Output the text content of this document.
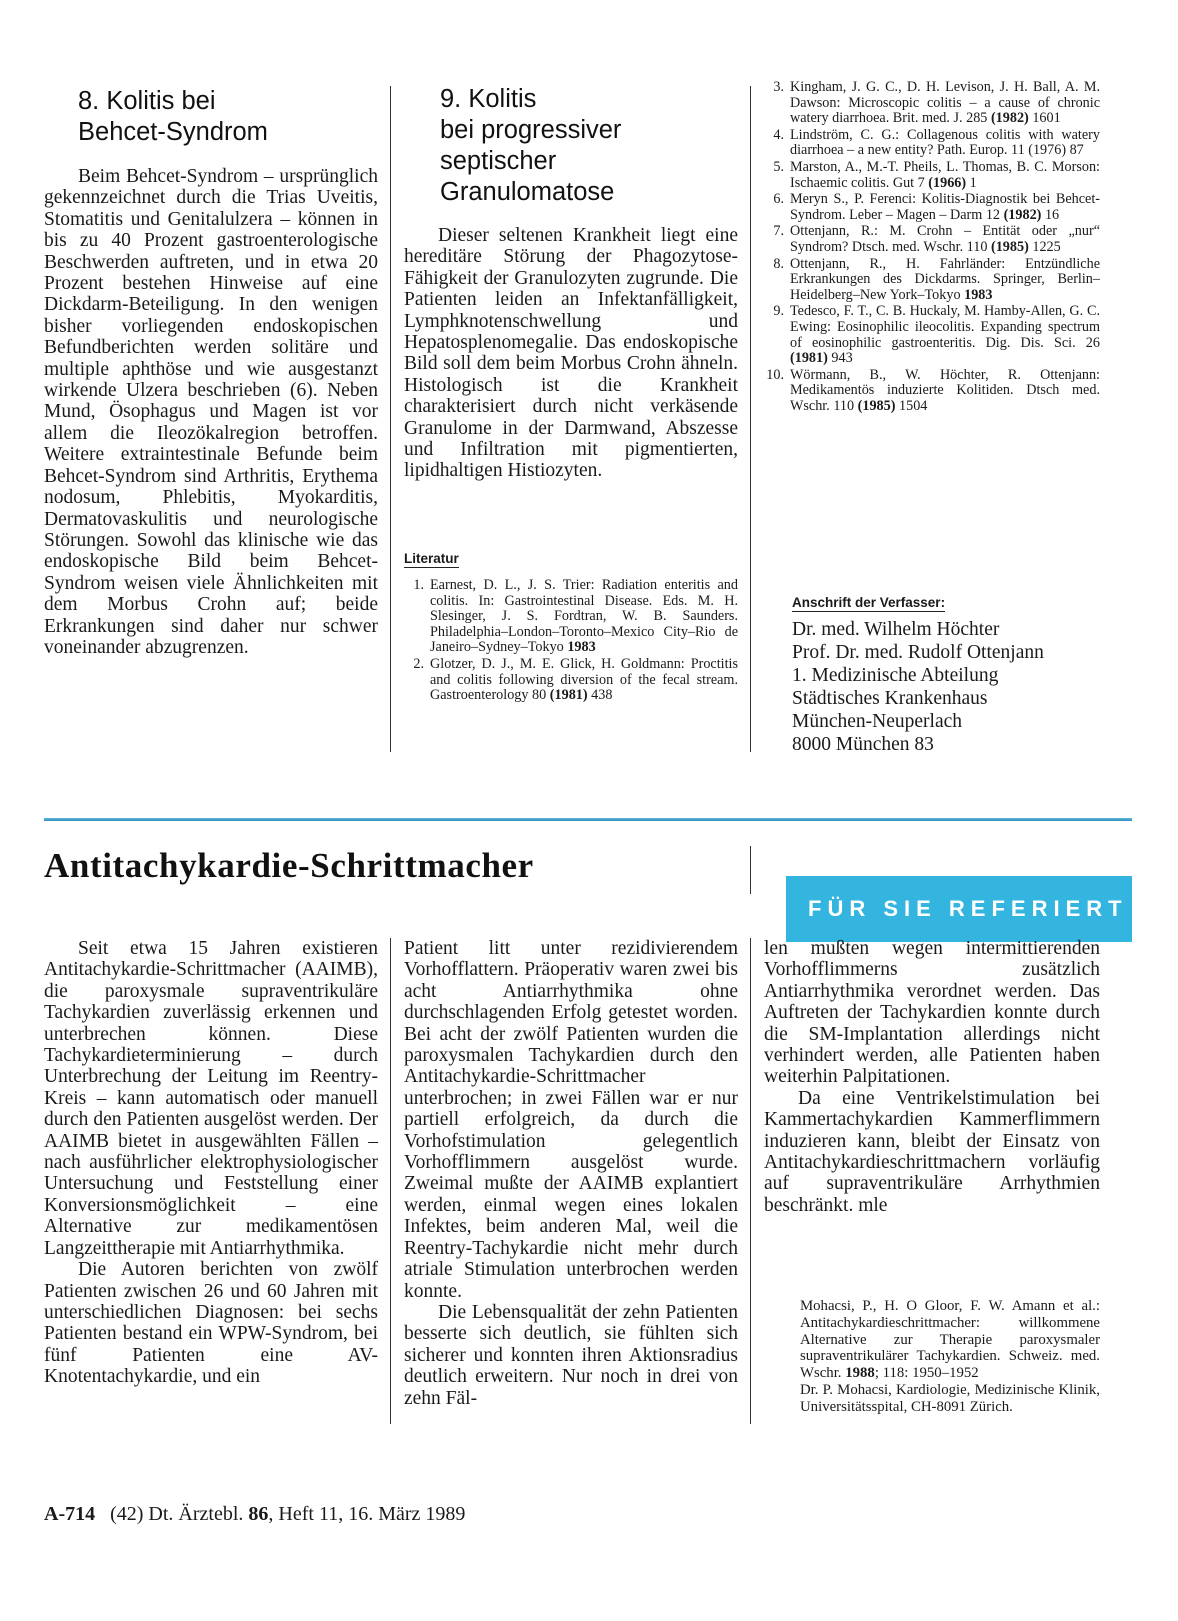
8. Kolitis bei
Behcet-Syndrom

Beim Behcet-Syndrom – ursprünglich gekennzeichnet durch die Trias Uveitis, Stomatitis und Genitalulzera – können in bis zu 40 Prozent gastroenterologische Beschwerden auftreten, und in etwa 20 Prozent bestehen Hinweise auf eine Dickdarm-Beteiligung. In den wenigen bisher vorliegenden endoskopischen Befundberichten werden solitäre und multiple aphthöse und wie ausgestanzt wirkende Ulzera beschrieben (6). Neben Mund, Ösophagus und Magen ist vor allem die Ileozökalregion betroffen. Weitere extraintestinale Befunde beim Behcet-Syndrom sind Arthritis, Erythema nodosum, Phlebitis, Myokarditis, Dermatovaskulitis und neurologische Störungen. Sowohl das klinische wie das endoskopische Bild beim Behcet-Syndrom weisen viele Ähnlichkeiten mit dem Morbus Crohn auf; beide Erkrankungen sind daher nur schwer voneinander abzugrenzen.

9. Kolitis
bei progressiver
septischer
Granulomatose

Dieser seltenen Krankheit liegt eine hereditäre Störung der Phagozytose-Fähigkeit der Granulozyten zugrunde. Die Patienten leiden an Infektanfälligkeit, Lymphknotenschwellung und Hepatosplenomegalie. Das endoskopische Bild soll dem beim Morbus Crohn ähneln. Histologisch ist die Krankheit charakterisiert durch nicht verkäsende Granulome in der Darmwand, Abszesse und Infiltration mit pigmentierten, lipidhaltigen Histiozyten.

Literatur
1. Earnest, D. L., J. S. Trier: Radiation enteritis and colitis. In: Gastrointestinal Disease. Eds. M. H. Slesinger, J. S. Fordtran, W. B. Saunders. Philadelphia–London–Toronto–Mexico City–Rio de Janeiro–Sydney–Tokyo 1983
2. Glotzer, D. J., M. E. Glick, H. Goldmann: Proctitis and colitis following diversion of the fecal stream. Gastroenterology 80 (1981) 438
3. Kingham, J. G. C., D. H. Levison, J. H. Ball, A. M. Dawson: Microscopic colitis – a cause of chronic watery diarrhoea. Brit. med. J. 285 (1982) 1601
4. Lindström, C. G.: Collagenous colitis with watery diarrhoea – a new entity? Path. Europ. 11 (1976) 87
5. Marston, A., M.-T. Pheils, L. Thomas, B. C. Morson: Ischaemic colitis. Gut 7 (1966) 1
6. Meryn S., P. Ferenci: Kolitis-Diagnostik bei Behcet-Syndrom. Leber – Magen – Darm 12 (1982) 16
7. Ottenjann, R.: M. Crohn – Entität oder „nur“ Syndrom? Dtsch. med. Wschr. 110 (1985) 1225
8. Ottenjann, R., H. Fahrländer: Entzündliche Erkrankungen des Dickdarms. Springer, Berlin–Heidelberg–New York–Tokyo 1983
9. Tedesco, F. T., C. B. Huckaly, M. Hamby-Allen, G. C. Ewing: Eosinophilic ileocolitis. Expanding spectrum of eosinophilic gastroenteritis. Dig. Dis. Sci. 26 (1981) 943
10. Wörmann, B., W. Höchter, R. Ottenjann: Medikamentös induzierte Kolitiden. Dtsch med. Wschr. 110 (1985) 1504
Anschrift der Verfasser:
Dr. med. Wilhelm Höchter
Prof. Dr. med. Rudolf Ottenjann
1. Medizinische Abteilung
Städtisches Krankenhaus
München-Neuperlach
8000 München 83
Antitachykardie-Schrittmacher
FÜR SIE REFERIERT

Seit etwa 15 Jahren existieren Antitachykardie-Schrittmacher (AAIMB), die paroxysmale supraventrikuläre Tachykardien zuverlässig erkennen und unterbrechen können. Diese Tachykardieterminierung – durch Unterbrechung der Leitung im Reentry-Kreis – kann automatisch oder manuell durch den Patienten ausgelöst werden. Der AAIMB bietet in ausgewählten Fällen – nach ausführlicher elektrophysiologischer Untersuchung und Feststellung einer Konversionsmöglichkeit – eine Alternative zur medikamentösen Langzeittherapie mit Antiarrhythmika.

Die Autoren berichten von zwölf Patienten zwischen 26 und 60 Jahren mit unterschiedlichen Diagnosen: bei sechs Patienten bestand ein WPW-Syndrom, bei fünf Patienten eine AV-Knotentachykardie, und ein

Patient litt unter rezidivierendem Vorhofflattern. Präoperativ waren zwei bis acht Antiarrhythmika ohne durchschlagenden Erfolg getestet worden. Bei acht der zwölf Patienten wurden die paroxysmalen Tachykardien durch den Antitachykardie-Schrittmacher unterbrochen; in zwei Fällen war er nur partiell erfolgreich, da durch die Vorhofstimulation gelegentlich Vorhofflimmern ausgelöst wurde. Zweimal mußte der AAIMB explantiert werden, einmal wegen eines lokalen Infektes, beim anderen Mal, weil die Reentry-Tachykardie nicht mehr durch atriale Stimulation unterbrochen werden konnte.

Die Lebensqualität der zehn Patienten besserte sich deutlich, sie fühlten sich sicherer und konnten ihren Aktionsradius deutlich erweitern. Nur noch in drei von zehn Fäl-

len mußten wegen intermittierenden Vorhofflimmerns zusätzlich Antiarrhythmika verordnet werden. Das Auftreten der Tachykardien konnte durch die SM-Implantation allerdings nicht verhindert werden, alle Patienten haben weiterhin Palpitationen.

Da eine Ventrikelstimulation bei Kammertachykardien Kammerflimmern induzieren kann, bleibt der Einsatz von Antitachykardieschrittmachern vorläufig auf supraventrikuläre Arrhythmien beschränkt. mle

Mohacsi, P., H. O Gloor, F. W. Amann et al.: Antitachykardieschrittmacher: willkommene Alternative zur Therapie paroxysmaler supraventrikulärer Tachykardien. Schweiz. med. Wschr. 1988; 118: 1950–1952

Dr. P. Mohacsi, Kardiologie, Medizinische Klinik, Universitätsspital, CH-8091 Zürich.

A-714 (42) Dt. Ärztebl. 86, Heft 11, 16. März 1989
